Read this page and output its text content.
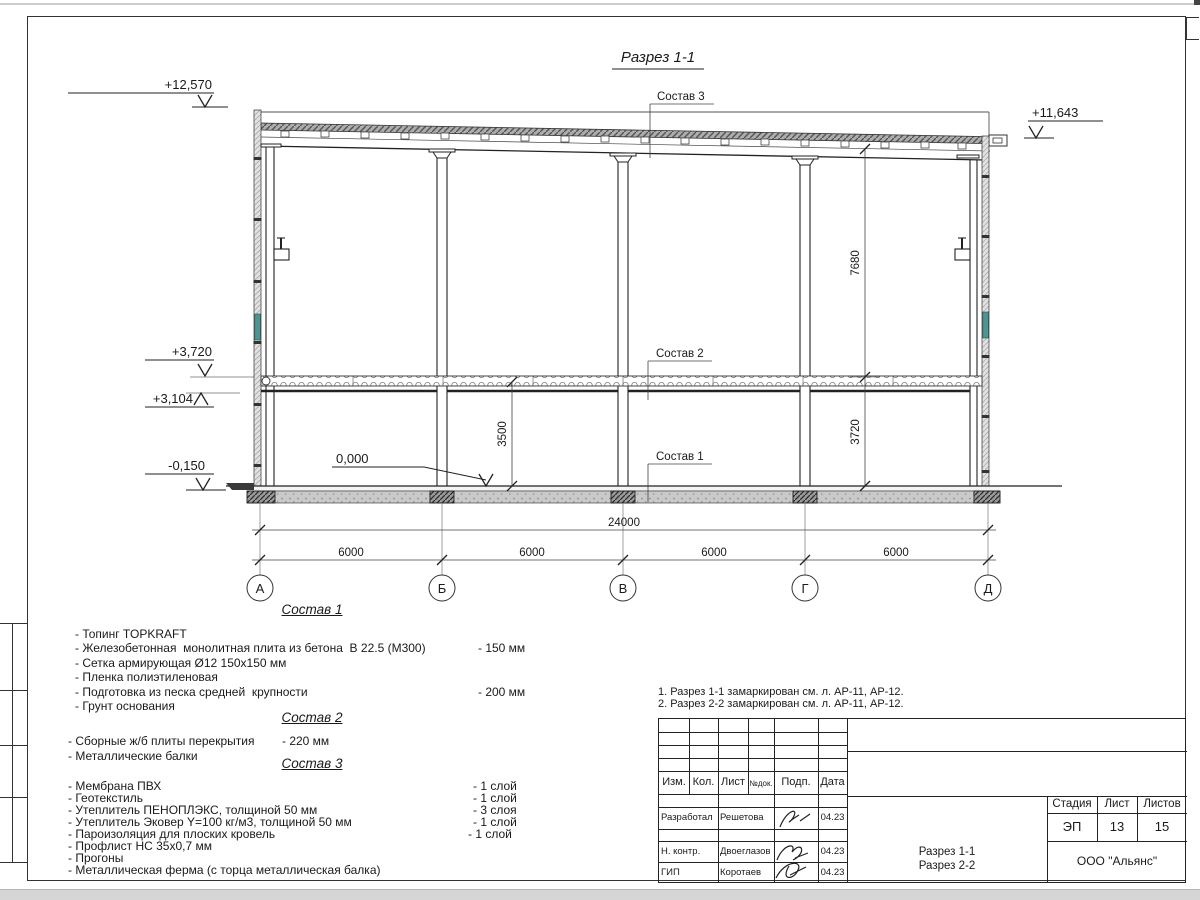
Разрез 1-1
+12,570
+11,643
+3,720
+3,104
-0,150	0,000
Состав 3
Состав 2
Состав 1
3500
7680
3720
24000
6000	6000	6000	6000
А	Б	В	Г	Д
Состав 1
- Топинг TOPKRAFT
- Железобетонная  монолитная плита из бетона  В 22.5 (М300)	- 150 мм
- Сетка армирующая Ø12 150х150 мм
- Пленка полиэтиленовая
- Подготовка из песка средней  крупности	- 200 мм
- Грунт основания
Состав 2
- Сборные ж/б плиты перекрытия - 220 мм
- Металлические балки	Состав 3
- Мембрана ПВХ	- 1 слой
- Геотекстиль	- 1 слой
- Утеплитель ПЕНОПЛЭКС, толщиной 50 мм	- 3 слоя
- Утеплитель Эковер Y=100 кг/м3, толщиной 50 мм	- 1 слой
- Пароизоляция для плоских кровель	- 1 слой
- Профлист НС 35х0,7 мм
- Прогоны
- Металлическая ферма (с торца металлическая балка)
1. Разрез 1-1 замаркирован см. л. АР-11, АР-12.
2. Разрез 2-2 замаркирован см. л. АР-11, АР-12.
Изм. Кол. Лист №док. Подп. Дата
Разработал Решетова	04.23
Н. контр. Двоеглазов	04.23
ГИП	Коротаев	04.23
Стадия	Лист	Листов
ЭП	13	15
Разрез 1-1
Разрез 2-2	ООО "Альянс"
